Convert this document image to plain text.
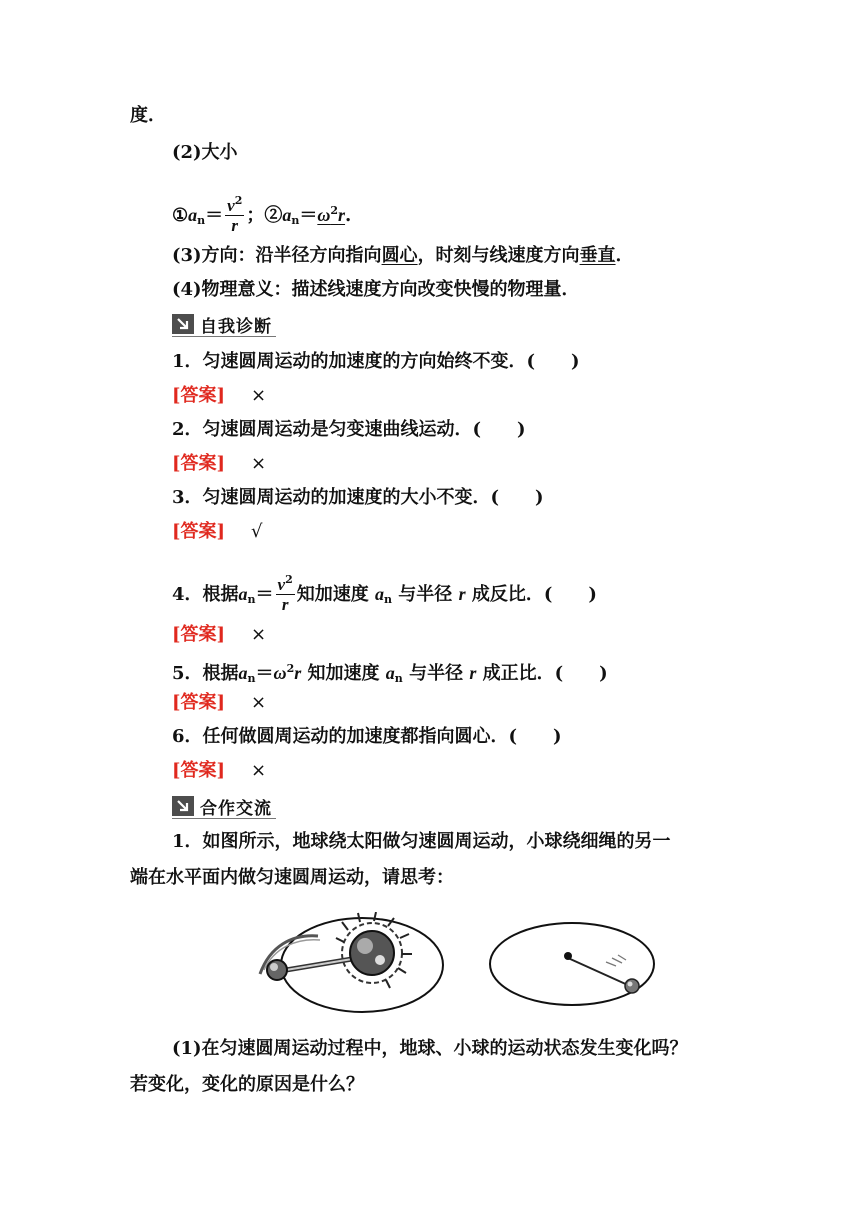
度．
(2)大小
$①a_n= \frac{v^2}{r}$ ；$②a_n=\omega^2r$.
(3)方向：沿半径方向指向圆心，时刻与线速度方向垂直．
(4)物理意义：描述线速度方向改变快慢的物理量．
自我诊断
1．匀速圆周运动的加速度的方向始终不变．(　　)
[答案] ×
2．匀速圆周运动是匀变速曲线运动．(　　)
[答案] ×
3．匀速圆周运动的加速度的大小不变．(　　)
[答案] √
4．根据$a_n= \frac{v^2}{r}$ 知加速度 $a_n$ 与半径 r 成反比．(　　)
[答案] ×
5．根据$a_n=\omega^2r$ 知加速度 $a_n$ 与半径 r 成正比．(　　)
[答案] ×
6．任何做圆周运动的加速度都指向圆心．(　　)
[答案] ×
合作交流
1．如图所示，地球绕太阳做匀速圆周运动，小球绕细绳的另一
端在水平面内做匀速圆周运动，请思考：
(1)在匀速圆周运动过程中，地球、小球的运动状态发生变化吗？
若变化，变化的原因是什么？
